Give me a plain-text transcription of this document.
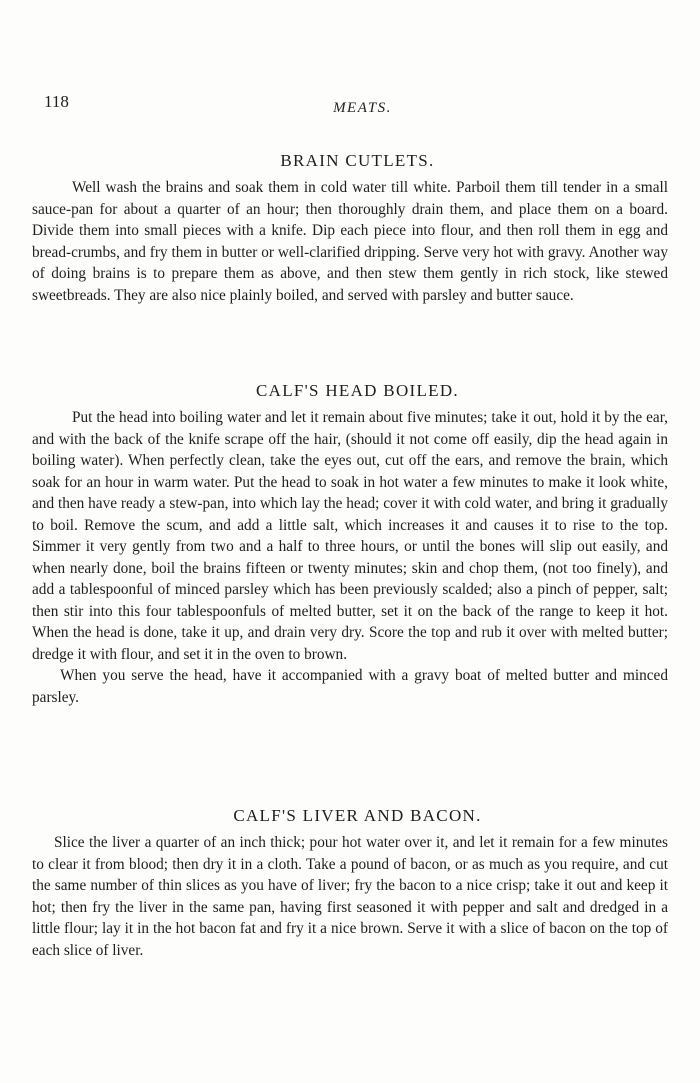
118	MEATS.
BRAIN CUTLETS.

Well wash the brains and soak them in cold water till white. Parboil them till tender in a small sauce-pan for about a quarter of an hour; then thoroughly drain them, and place them on a board. Divide them into small pieces with a knife. Dip each piece into flour, and then roll them in egg and bread-crumbs, and fry them in butter or well-clarified dripping. Serve very hot with gravy. Another way of doing brains is to prepare them as above, and then stew them gently in rich stock, like stewed sweetbreads. They are also nice plainly boiled, and served with parsley and butter sauce.

CALF'S HEAD BOILED.

Put the head into boiling water and let it remain about five minutes; take it out, hold it by the ear, and with the back of the knife scrape off the hair, (should it not come off easily, dip the head again in boiling water). When perfectly clean, take the eyes out, cut off the ears, and remove the brain, which soak for an hour in warm water. Put the head to soak in hot water a few minutes to make it look white, and then have ready a stew-pan, into which lay the head; cover it with cold water, and bring it gradually to boil. Remove the scum, and add a little salt, which increases it and causes it to rise to the top. Simmer it very gently from two and a half to three hours, or until the bones will slip out easily, and when nearly done, boil the brains fifteen or twenty minutes; skin and chop them, (not too finely), and add a tablespoonful of minced parsley which has been previously scalded; also a pinch of pepper, salt; then stir into this four tablespoonfuls of melted butter, set it on the back of the range to keep it hot. When the head is done, take it up, and drain very dry. Score the top and rub it over with melted butter; dredge it with flour, and set it in the oven to brown.

When you serve the head, have it accompanied with a gravy boat of melted butter and minced parsley.

CALF'S LIVER AND BACON.

Slice the liver a quarter of an inch thick; pour hot water over it, and let it remain for a few minutes to clear it from blood; then dry it in a cloth. Take a pound of bacon, or as much as you require, and cut the same number of thin slices as you have of liver; fry the bacon to a nice crisp; take it out and keep it hot; then fry the liver in the same pan, having first seasoned it with pepper and salt and dredged in a little flour; lay it in the hot bacon fat and fry it a nice brown. Serve it with a slice of bacon on the top of each slice of liver.
